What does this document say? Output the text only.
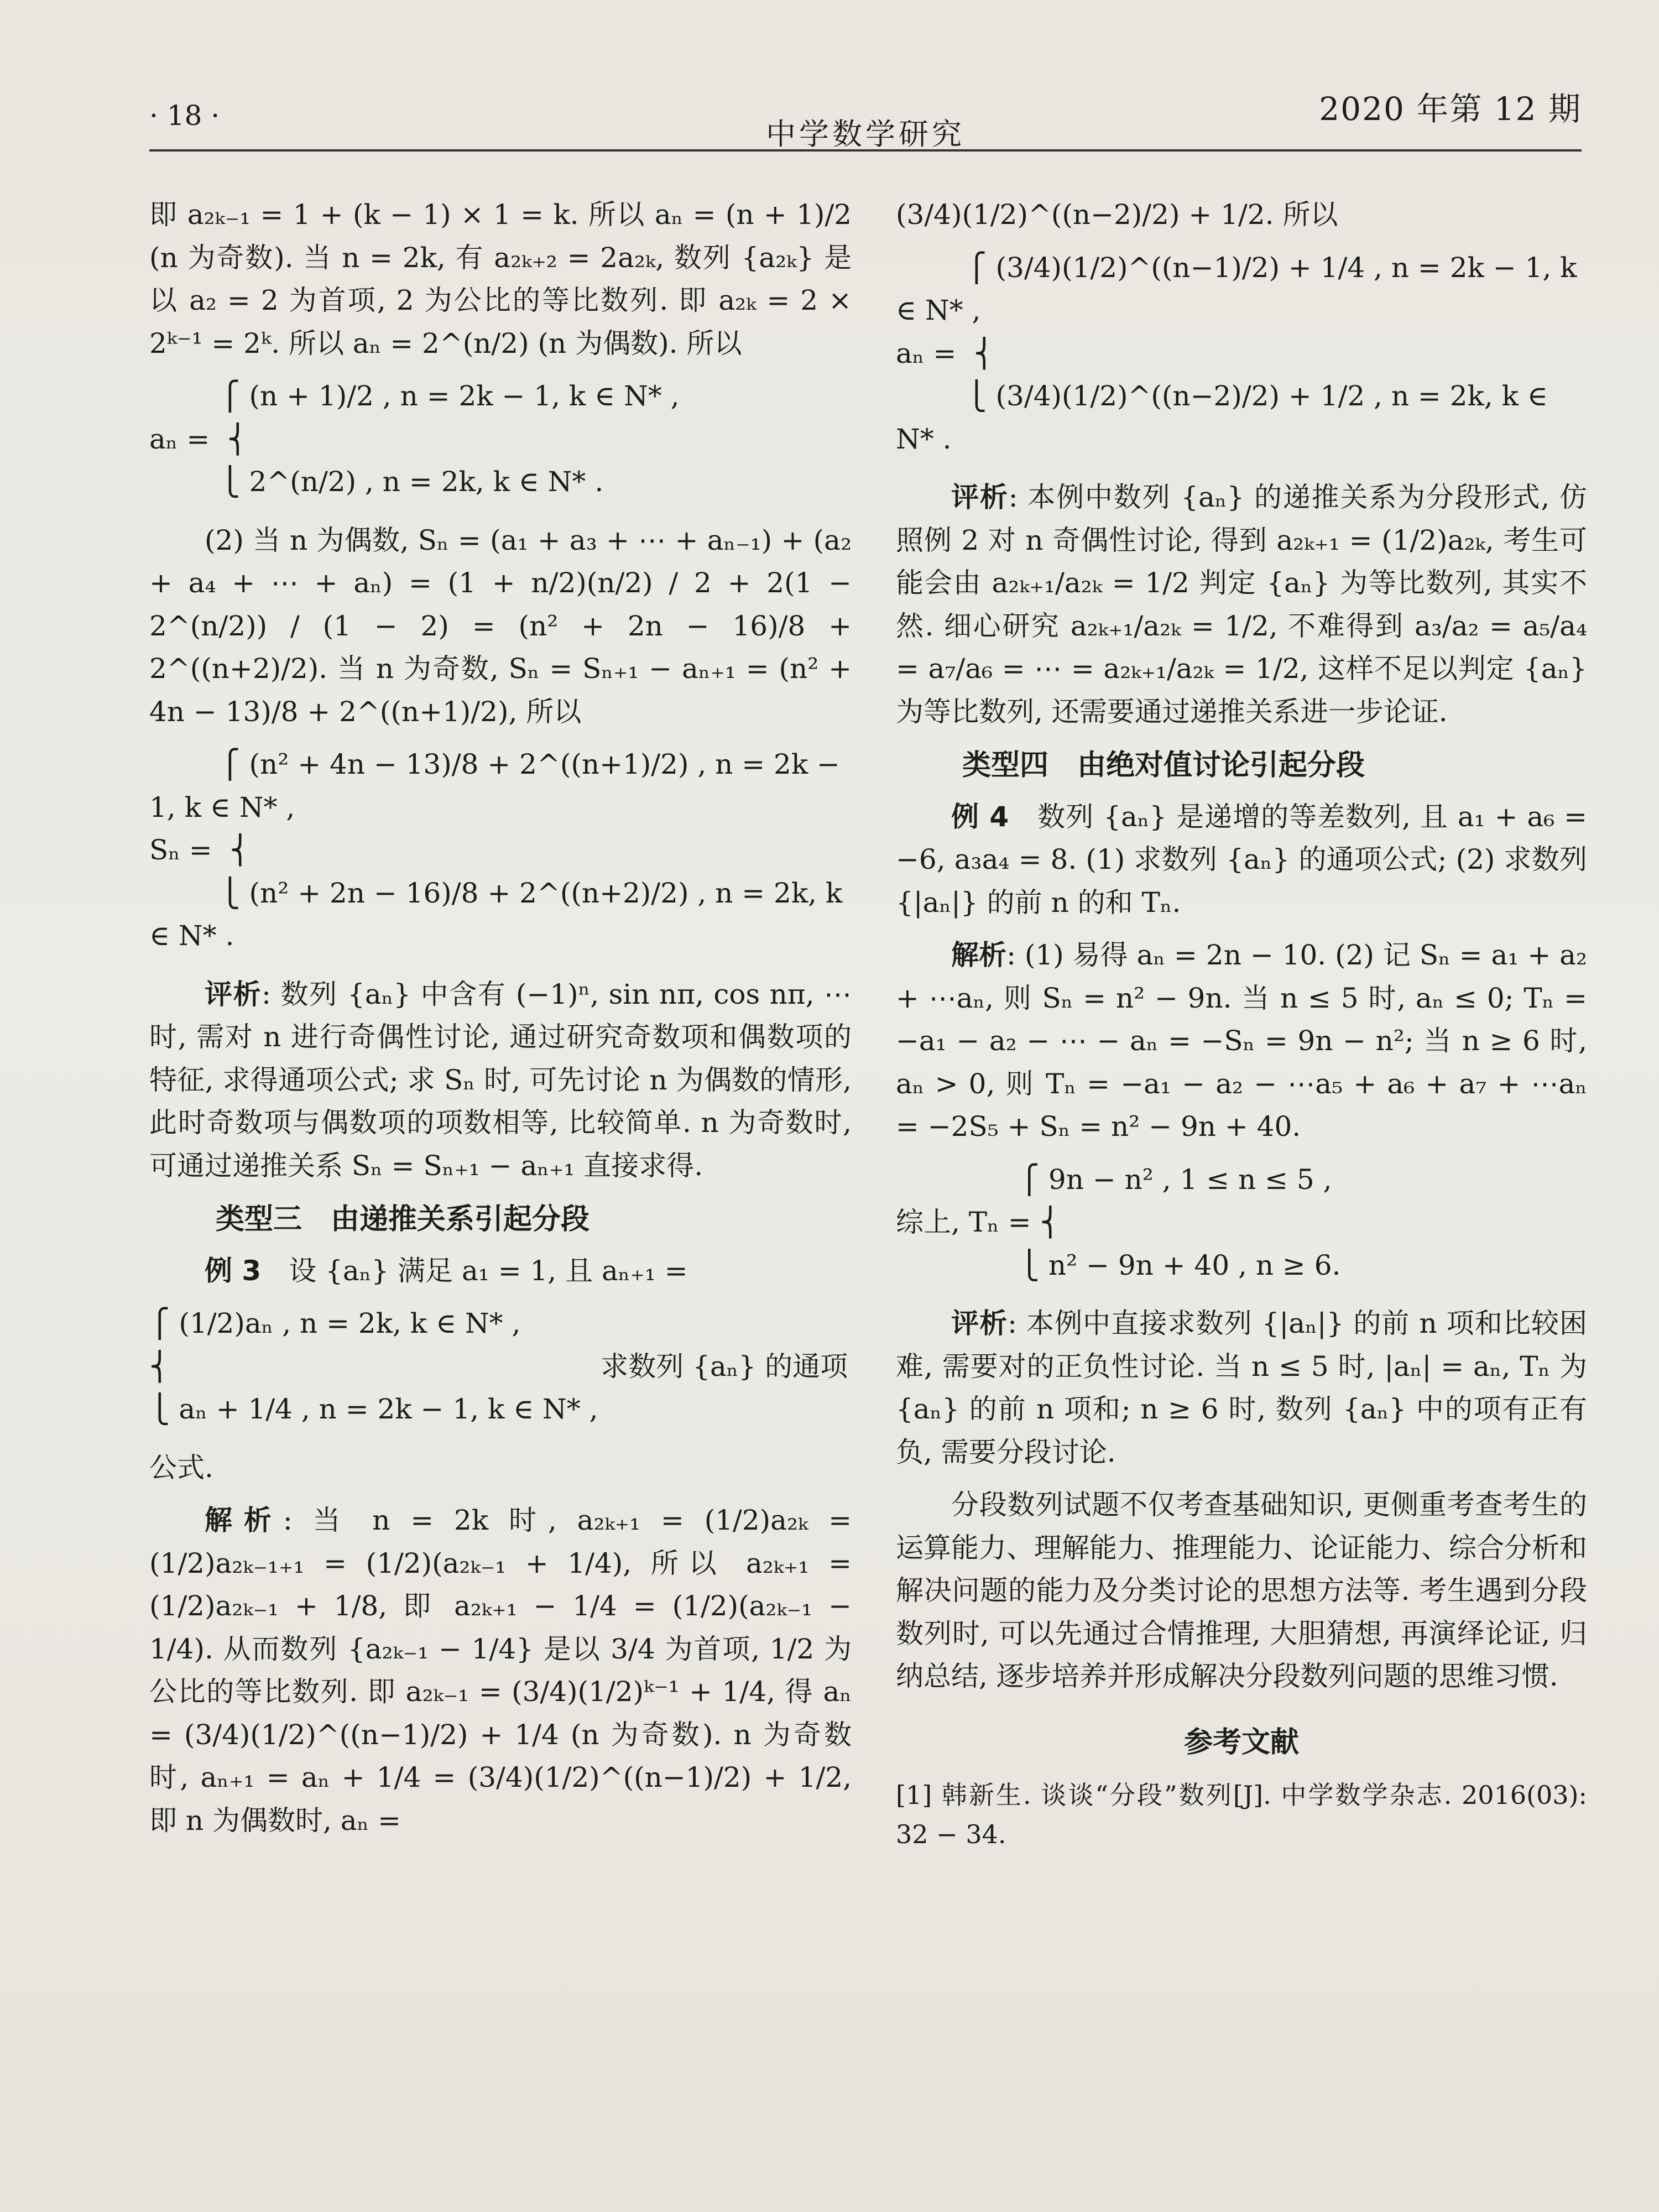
· 18 ·
中学数学研究
2020 年第 12 期

即 a₂ₖ₋₁ = 1 + (k − 1) × 1 = k. 所以 aₙ = (n + 1)/2 (n 为奇数). 当 n = 2k, 有 a₂ₖ₊₂ = 2a₂ₖ, 数列 {a₂ₖ} 是以 a₂ = 2 为首项, 2 为公比的等比数列. 即 a₂ₖ = 2 × 2ᵏ⁻¹ = 2ᵏ. 所以 aₙ = 2^(n/2) (n 为偶数). 所以

⎧ (n + 1)/2 , n = 2k − 1, k ∈ N* ,
aₙ =  ⎨
⎩ 2^(n/2) , n = 2k, k ∈ N* .

(2) 当 n 为偶数, Sₙ = (a₁ + a₃ + ⋯ + aₙ₋₁) + (a₂ + a₄ + ⋯ + aₙ) = (1 + n/2)(n/2) / 2 + 2(1 − 2^(n/2)) / (1 − 2) = (n² + 2n − 16)/8 + 2^((n+2)/2). 当 n 为奇数, Sₙ = Sₙ₊₁ − aₙ₊₁ = (n² + 4n − 13)/8 + 2^((n+1)/2), 所以

⎧ (n² + 4n − 13)/8 + 2^((n+1)/2) , n = 2k − 1, k ∈ N* ,
Sₙ =  ⎨
⎩ (n² + 2n − 16)/8 + 2^((n+2)/2) , n = 2k, k ∈ N* .

评析: 数列 {aₙ} 中含有 (−1)ⁿ, sin nπ, cos nπ, ⋯ 时, 需对 n 进行奇偶性讨论, 通过研究奇数项和偶数项的特征, 求得通项公式; 求 Sₙ 时, 可先讨论 n 为偶数的情形, 此时奇数项与偶数项的项数相等, 比较简单. n 为奇数时, 可通过递推关系 Sₙ = Sₙ₊₁ − aₙ₊₁ 直接求得.

类型三　由递推关系引起分段

例 3　 设 {aₙ} 满足 a₁ = 1, 且 aₙ₊₁ =

⎧ (1/2)aₙ , n = 2k, k ∈ N* ,
⎨                                                 求数列 {aₙ} 的通项
⎩ aₙ + 1/4 , n = 2k − 1, k ∈ N* ,

公式.

解析: 当 n = 2k 时, a₂ₖ₊₁ = (1/2)a₂ₖ = (1/2)a₂ₖ₋₁₊₁ = (1/2)(a₂ₖ₋₁ + 1/4), 所以 a₂ₖ₊₁ = (1/2)a₂ₖ₋₁ + 1/8, 即 a₂ₖ₊₁ − 1/4 = (1/2)(a₂ₖ₋₁ − 1/4). 从而数列 {a₂ₖ₋₁ − 1/4} 是以 3/4 为首项, 1/2 为公比的等比数列. 即 a₂ₖ₋₁ = (3/4)(1/2)ᵏ⁻¹ + 1/4, 得 aₙ = (3/4)(1/2)^((n−1)/2) + 1/4 (n 为奇数). n 为奇数时, aₙ₊₁ = aₙ + 1/4 = (3/4)(1/2)^((n−1)/2) + 1/2, 即 n 为偶数时, aₙ =

(3/4)(1/2)^((n−2)/2) + 1/2. 所以

⎧ (3/4)(1/2)^((n−1)/2) + 1/4 , n = 2k − 1, k ∈ N* ,
aₙ =  ⎨
⎩ (3/4)(1/2)^((n−2)/2) + 1/2 , n = 2k, k ∈ N* .

评析: 本例中数列 {aₙ} 的递推关系为分段形式, 仿照例 2 对 n 奇偶性讨论, 得到 a₂ₖ₊₁ = (1/2)a₂ₖ, 考生可能会由 a₂ₖ₊₁/a₂ₖ = 1/2 判定 {aₙ} 为等比数列, 其实不然. 细心研究 a₂ₖ₊₁/a₂ₖ = 1/2, 不难得到 a₃/a₂ = a₅/a₄ = a₇/a₆ = ⋯ = a₂ₖ₊₁/a₂ₖ = 1/2, 这样不足以判定 {aₙ} 为等比数列, 还需要通过递推关系进一步论证.

类型四　由绝对值讨论引起分段

例 4　 数列 {aₙ} 是递增的等差数列, 且 a₁ + a₆ = −6, a₃a₄ = 8. (1) 求数列 {aₙ} 的通项公式; (2) 求数列 {|aₙ|} 的前 n 的和 Tₙ.

解析: (1) 易得 aₙ = 2n − 10. (2) 记 Sₙ = a₁ + a₂ + ⋯aₙ, 则 Sₙ = n² − 9n. 当 n ≤ 5 时, aₙ ≤ 0; Tₙ = −a₁ − a₂ − ⋯ − aₙ = −Sₙ = 9n − n²; 当 n ≥ 6 时, aₙ > 0, 则 Tₙ = −a₁ − a₂ − ⋯a₅ + a₆ + a₇ + ⋯aₙ = −2S₅ + Sₙ = n² − 9n + 40.

⎧ 9n − n² , 1 ≤ n ≤ 5 ,
综上, Tₙ = ⎨
⎩ n² − 9n + 40 , n ≥ 6.

评析: 本例中直接求数列 {|aₙ|} 的前 n 项和比较困难, 需要对的正负性讨论. 当 n ≤ 5 时, |aₙ| = aₙ, Tₙ 为 {aₙ} 的前 n 项和; n ≥ 6 时, 数列 {aₙ} 中的项有正有负, 需要分段讨论.

分段数列试题不仅考查基础知识, 更侧重考查考生的运算能力、理解能力、推理能力、论证能力、综合分析和解决问题的能力及分类讨论的思想方法等. 考生遇到分段数列时, 可以先通过合情推理, 大胆猜想, 再演绎论证, 归纳总结, 逐步培养并形成解决分段数列问题的思维习惯.

参考文献

[1] 韩新生. 谈谈“分段”数列[J]. 中学数学杂志. 2016(03): 32 − 34.
